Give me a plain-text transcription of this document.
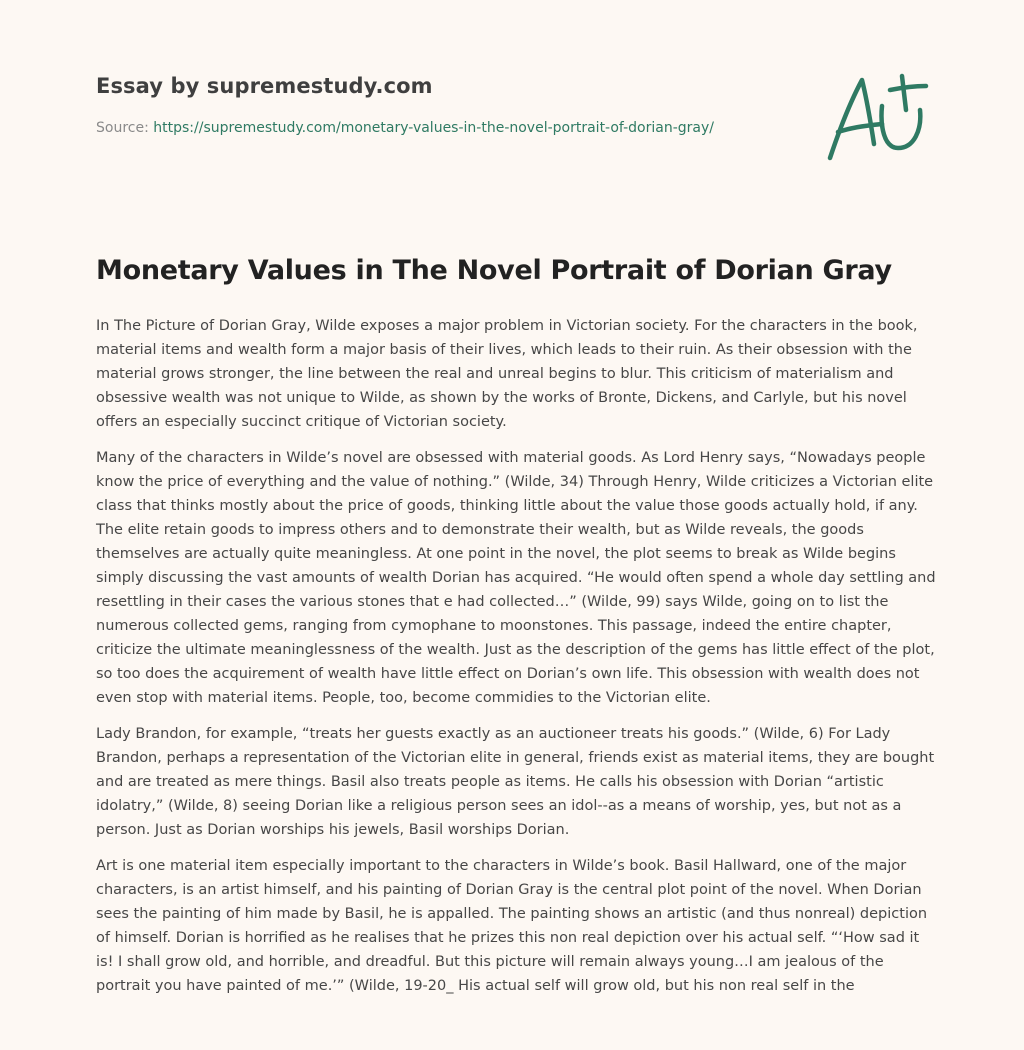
Essay by supremestudy.com
Source: https://supremestudy.com/monetary-values-in-the-novel-portrait-of-dorian-gray/
Monetary Values in The Novel Portrait of Dorian Gray

In The Picture of Dorian Gray, Wilde exposes a major problem in Victorian society. For the characters in the book, material items and wealth form a major basis of their lives, which leads to their ruin. As their obsession with the material grows stronger, the line between the real and unreal begins to blur. This criticism of materialism and obsessive wealth was not unique to Wilde, as shown by the works of Bronte, Dickens, and Carlyle, but his novel offers an especially succinct critique of Victorian society.

Many of the characters in Wilde’s novel are obsessed with material goods. As Lord Henry says, “Nowadays people know the price of everything and the value of nothing.” (Wilde, 34) Through Henry, Wilde criticizes a Victorian elite class that thinks mostly about the price of goods, thinking little about the value those goods actually hold, if any. The elite retain goods to impress others and to demonstrate their wealth, but as Wilde reveals, the goods themselves are actually quite meaningless. At one point in the novel, the plot seems to break as Wilde begins simply discussing the vast amounts of wealth Dorian has acquired. “He would often spend a whole day settling and resettling in their cases the various stones that e had collected…” (Wilde, 99) says Wilde, going on to list the numerous collected gems, ranging from cymophane to moonstones. This passage, indeed the entire chapter, criticize the ultimate meaninglessness of the wealth. Just as the description of the gems has little effect of the plot, so too does the acquirement of wealth have little effect on Dorian’s own life. This obsession with wealth does not even stop with material items. People, too, become commidies to the Victorian elite.

Lady Brandon, for example, “treats her guests exactly as an auctioneer treats his goods.” (Wilde, 6) For Lady Brandon, perhaps a representation of the Victorian elite in general, friends exist as material items, they are bought and are treated as mere things. Basil also treats people as items. He calls his obsession with Dorian “artistic idolatry,” (Wilde, 8) seeing Dorian like a religious person sees an idol--as a means of worship, yes, but not as a person. Just as Dorian worships his jewels, Basil worships Dorian.

Art is one material item especially important to the characters in Wilde’s book. Basil Hallward, one of the major characters, is an artist himself, and his painting of Dorian Gray is the central plot point of the novel. When Dorian sees the painting of him made by Basil, he is appalled. The painting shows an artistic (and thus nonreal) depiction of himself. Dorian is horrified as he realises that he prizes this non real depiction over his actual self. “‘How sad it is! I shall grow old, and horrible, and dreadful. But this picture will remain always young…I am jealous of the portrait you have painted of me.’” (Wilde, 19-20_ His actual self will grow old, but his non real self in the
